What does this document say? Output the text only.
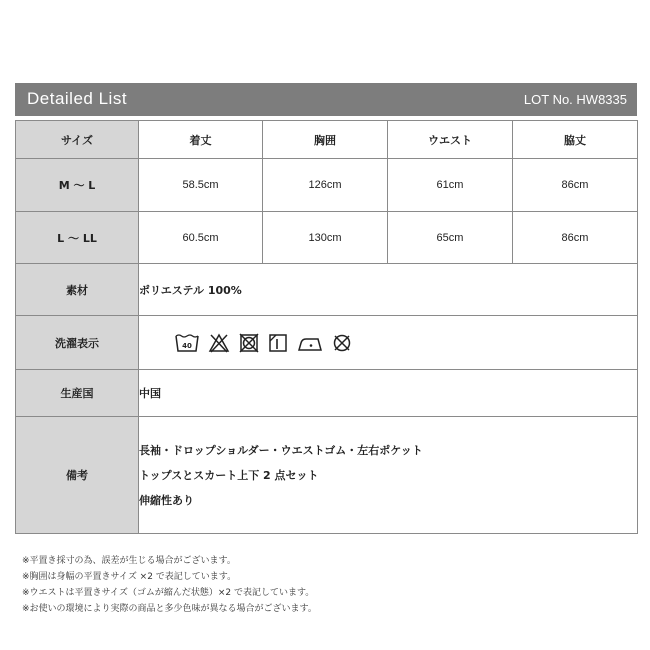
Detailed List	LOT No. HW8335
サイズ	着丈	胸囲	ウエスト	脇丈
M ～ L	58.5cm	126cm	61cm	86cm
L ～ LL	60.5cm	130cm	65cm	86cm
素材	ポリエステル 100%			
洗濯表示	40			

生産国	中国			
備考	長袖・ドロップショルダー・ウエストゴム・左右ポケット
トップスとスカート上下 2 点セット
伸縮性あり			
※平置き採寸の為、誤差が生じる場合がございます。
※胸囲は身幅の平置きサイズ ×2 で表記しています。
※ウエストは平置きサイズ（ゴムが縮んだ状態）×2 で表記しています。
※お使いの環境により実際の商品と多少色味が異なる場合がございます。
